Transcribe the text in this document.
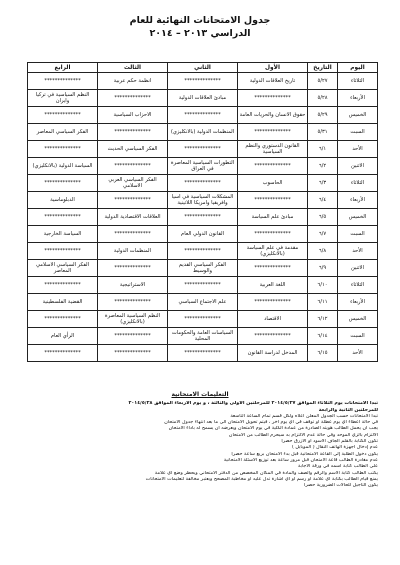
جدول الامتحانات النهائية للعام
الدراسي ٢٠١٣ – ٢٠١٤
اليوم	التاريخ	الأول	الثاني	الثالث	الرابع
الثلاثاء	٥/٢٧	تاريخ العلاقات الدولية	**************	انظمة حكم عربية	**************
الأربعاء	٥/٢٨	**************	مبادئ العلاقات الدولية	**************	النظم السياسية في تركيا وايران
الخميس	٥/٢٩	حقوق الانسان والحريات العامة	**************	الاحزاب السياسية	**************
السبت	٥/٣١	**************	المنظمات الدولية (بالانكليزي)	**************	الفكر السياسي المعاصر
الأحد	٦/١	القانون الدستوري والنظم السياسية	**************	الفكر السياسي الحديث	**************
الاثنين	٦/٢	**************	التطورات السياسية المعاصرة في العراق	**************	السياسة الدولية (بالانكليزي)
الثلاثاء	٦/٣	الحاسوب	**************	الفكر السياسي العربي الاسلامي	**************
الأربعاء	٦/٤	**************	المشكلات السياسية في اسيا وافريقيا وامريكا اللاتينية	**************	الدبلوماسية
الخميس	٦/٥	مبادئ علم السياسة	**************	العلاقات الاقتصادية الدولية	**************
السبت	٦/٧	**************	القانون الدولي العام	**************	السياسة الخارجية
الأحد	٦/٨	مقدمة في علم السياسة (بالانكليزي)	**************	المنظمات الدولية	**************
الاثنين	٦/٩	**************	الفكر السياسي القديم والوسيط	**************	الفكر السياسي الاسلامي المعاصر
الثلاثاء	٦/١٠	اللغة العربية	**************	الاستراتيجية	**************
الأربعاء	٦/١١	**************	علم الاجتماع السياسي	**************	القضية الفلسطينية
الخميس	٦/١٢	الاقتصاد	**************	النظم السياسية المعاصرة (بالانكليزي)	**************
السبت	٦/١٤	**************	السياسات العامة والحكومات المحلية	**************	الرأي العام
الأحد	٦/١٥	المدخل لدراسة القانون	**************	**************	**************
التعليمات الامتحانية
تبدأ الامتحانات يوم الثلاثاء الموافق ٢٠١٤/٥/٢٧ للمرحلتين الاولى والثالثة ، و يوم الاربعاء الموافق ٢٠١٤/٥/٢٨
للمرحلتين الثانية والرابعة
تبدأ الامتحانات حسب الجدول المعلن أعلاه ولكل قسم تمام الساعة التاسعة
في حالة اعطاء أي يوم عطلة او توقف في اي يوم آخر ، فيتم تحويل الامتحان الى ما بعد انتهاء جدول الامتحان
يجب ان يحمل الطالب هويته الصادرة من عمادة الكلية في يوم الامتحان ويعرضه ان يسمح له بأداء الامتحان
الالتزام بالزي الموحد وفي حالة عدم الالتزام به سيحرم الطالب من الامتحان
تكون الكتابة بالقلم الجاف الاسود او الازرق حصراً
عدم إدخال أجهزة الهاتف النقال ( الموبايل )
يكون دخول الطلبة إلى القاعة الامتحانية قبل بدء الامتحان بربع ساعة حصراً
عدم مغادرة الطالب قاعة الامتحان قبل مرور ساعة بعد توزيع الأسئلة الامتحانية
على الطالب كتابة اسمه في ورقة الاجابة
يكتب الطالب كتابة الاسم والرقم والصف والمادة في المكان المخصص من الدفتر الامتحاني ويحظر وضع أي علامة
يمنع قيام الطالب بكتابة اي علامة او رسم او أي اشارة تدل عليه او مخاطبة المصحح ويعتبر مخالفة لتعليمات الامتحانات
يكون التأجيل للحالات الضرورية حصراً
